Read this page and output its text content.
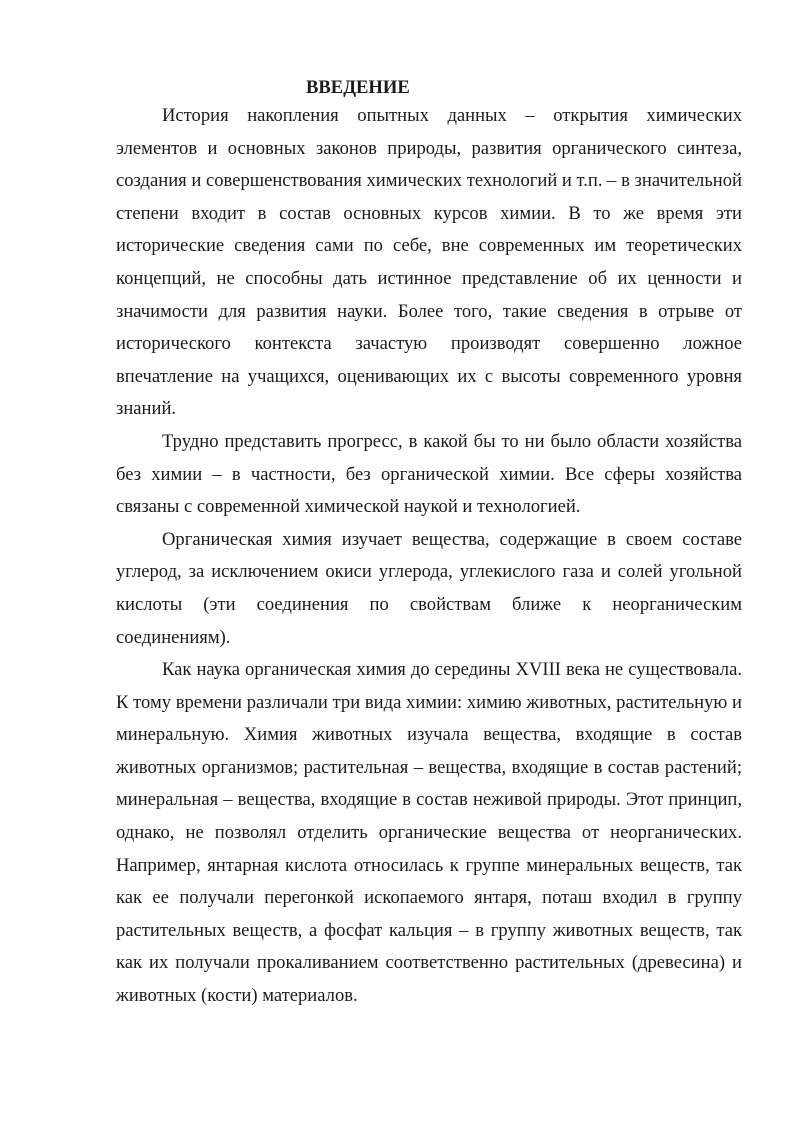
ВВЕДЕНИЕ

История накопления опытных данных – открытия химических элементов и основных законов природы, развития органического синтеза, создания и совершенствования химических технологий и т.п. – в значительной степени входит в состав основных курсов химии. В то же время эти исторические сведения сами по себе, вне современных им теоретических концепций, не способны дать истинное представление об их ценности и значимости для развития науки. Более того, такие сведения в отрыве от исторического контекста зачастую производят совершенно ложное впечатление на учащихся, оценивающих их с высоты современного уровня знаний.

Трудно представить прогресс, в какой бы то ни было области хозяйства без химии – в частности, без органической химии. Все сферы хозяйства связаны с современной химической наукой и технологией.

Органическая химия изучает вещества, содержащие в своем составе углерод, за исключением окиси углерода, углекислого газа и солей угольной кислоты (эти соединения по свойствам ближе к неорганическим соединениям).

Как наука органическая химия до середины XVIII века не существовала. К тому времени различали три вида химии: химию животных, растительную и минеральную. Химия животных изучала вещества, входящие в состав животных организмов; растительная – вещества, входящие в состав растений; минеральная – вещества, входящие в состав неживой природы. Этот принцип, однако, не позволял отделить органические вещества от неорганических. Например, янтарная кислота относилась к группе минеральных веществ, так как ее получали перегонкой ископаемого янтаря, поташ входил в группу растительных веществ, а фосфат кальция – в группу животных веществ, так как их получали прокаливанием соответственно растительных (древесина) и животных (кости) материалов.
